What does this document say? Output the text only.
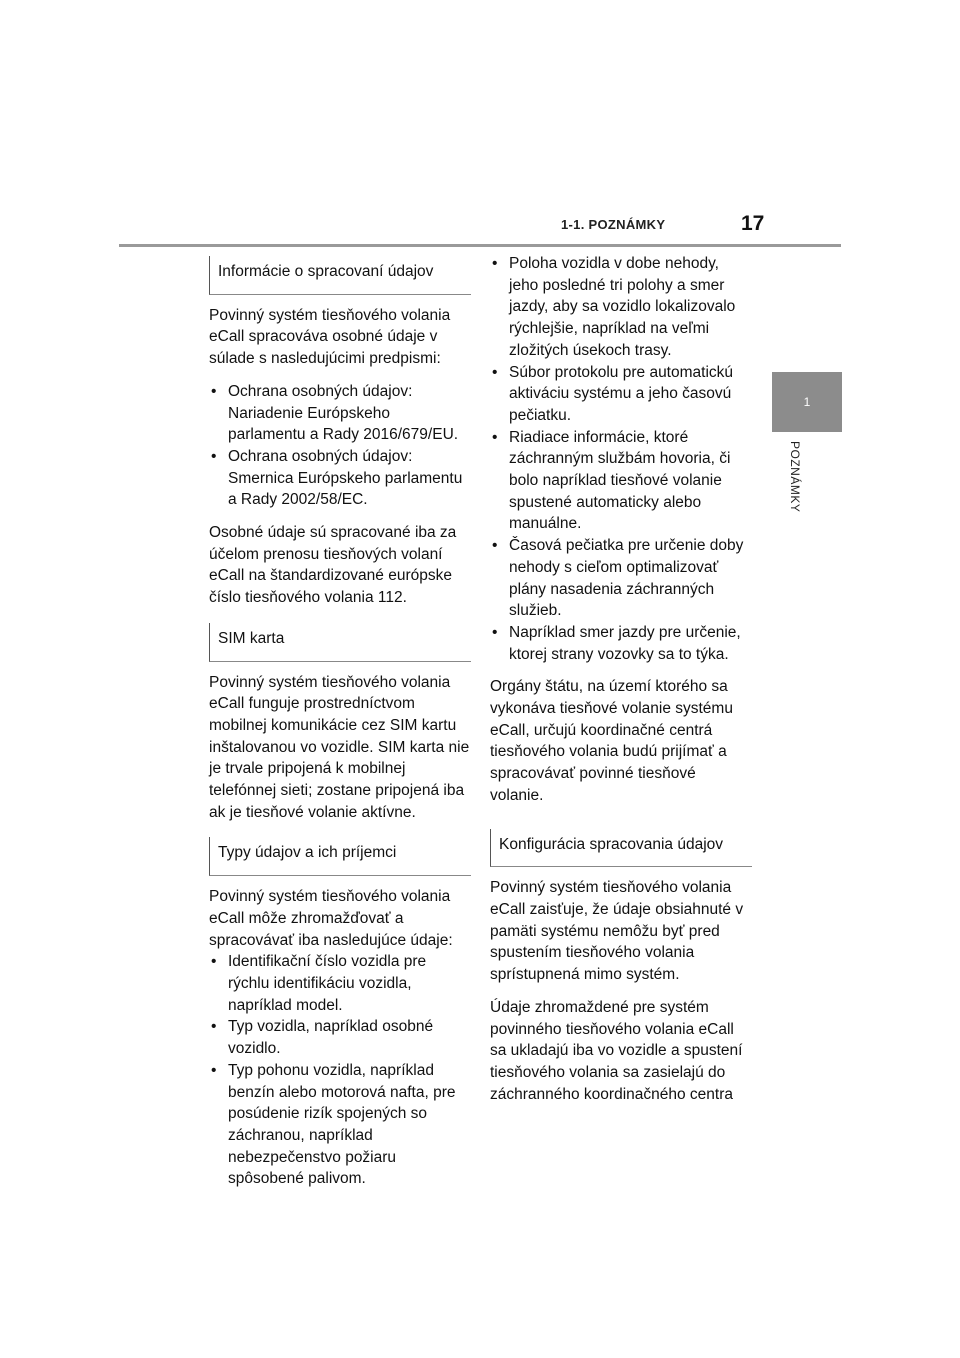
1-1. POZNÁMKY	17
1
POZNÁMKY
Informácie o spracovaní údajov

Povinný systém tiesňového volania eCall spracováva osobné údaje v súlade s nasledujúcimi predpismi:

• Ochrana osobných údajov: Nariadenie Európskeho parlamentu a Rady 2016/679/EU.
• Ochrana osobných údajov: Smernica Európskeho parlamentu a Rady 2002/58/EC.

Osobné údaje sú spracované iba za účelom prenosu tiesňových volaní eCall na štandardizované európske číslo tiesňového volania 112.

SIM karta

Povinný systém tiesňového volania eCall funguje prostredníctvom mobilnej komunikácie cez SIM kartu inštalovanou vo vozidle. SIM karta nie je trvale pripojená k mobilnej telefónnej sieti; zostane pripojená iba ak je tiesňové volanie aktívne.

Typy údajov a ich príjemci

Povinný systém tiesňového volania eCall môže zhromažďovať a spracovávať iba nasledujúce údaje:

• Identifikační číslo vozidla pre rýchlu identifikáciu vozidla, napríklad model.
• Typ vozidla, napríklad osobné vozidlo.
• Typ pohonu vozidla, napríklad benzín alebo motorová nafta, pre posúdenie rizík spojených so záchranou, napríklad nebezpečenstvo požiaru spôsobené palivom.
• Poloha vozidla v dobe nehody, jeho posledné tri polohy a smer jazdy, aby sa vozidlo lokalizovalo rýchlejšie, napríklad na veľmi zložitých úsekoch trasy.
• Súbor protokolu pre automatickú aktiváciu systému a jeho časovú pečiatku.
• Riadiace informácie, ktoré záchranným službám hovoria, či bolo napríklad tiesňové volanie spustené automaticky alebo manuálne.
• Časová pečiatka pre určenie doby nehody s cieľom optimalizovať plány nasadenia záchranných služieb.
• Napríklad smer jazdy pre určenie, ktorej strany vozovky sa to týka.

Orgány štátu, na území ktorého sa vykonáva tiesňové volanie systému eCall, určujú koordinačné centrá tiesňového volania budú prijímať a spracovávať povinné tiesňové volanie.

Konfigurácia spracovania údajov

Povinný systém tiesňového volania eCall zaisťuje, že údaje obsiahnuté v pamäti systému nemôžu byť pred spustením tiesňového volania sprístupnená mimo systém.

Údaje zhromaždené pre systém povinného tiesňového volania eCall sa ukladajú iba vo vozidle a spustení tiesňového volania sa zasielajú do záchranného koordinačného centra
